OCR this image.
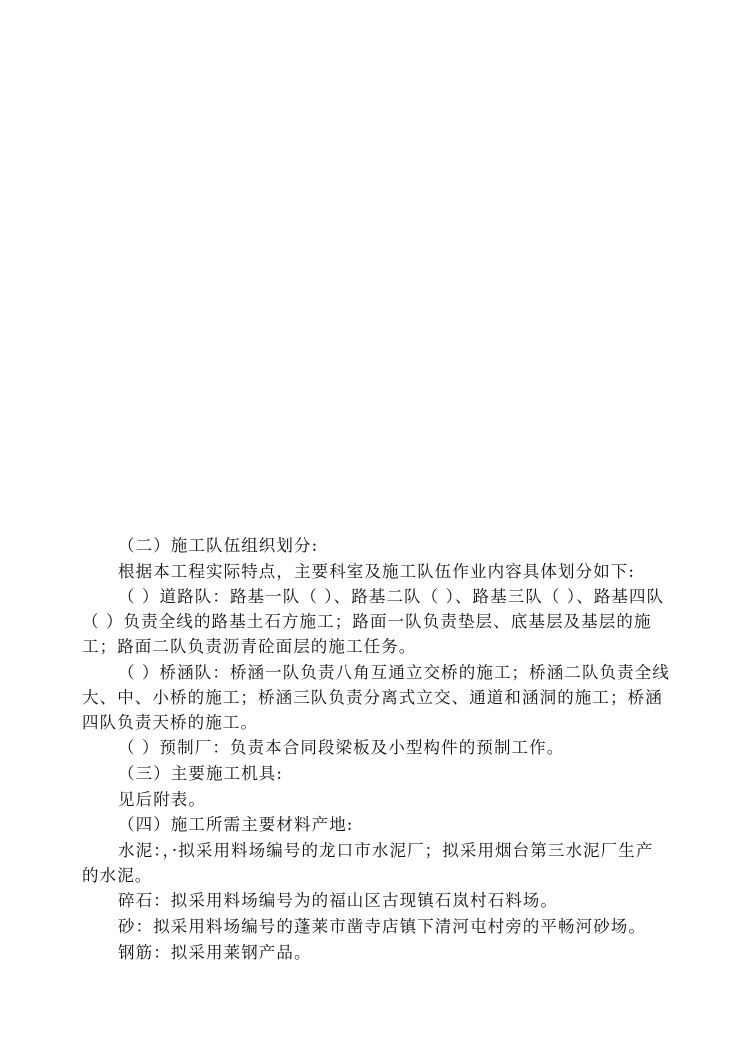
（二）施工队伍组织划分:

根据本工程实际特点，主要科室及施工队伍作业内容具体划分如下:

（ ）道路队：路基一队（ ）、路基二队（ ）、路基三队（ ）、路基四队（ ）负责全线的路基土石方施工；路面一队负责垫层、底基层及基层的施工；路面二队负责沥青砼面层的施工任务。

（ ）桥涵队：桥涵一队负责八角互通立交桥的施工；桥涵二队负责全线大、中、小桥的施工；桥涵三队负责分离式立交、通道和涵洞的施工；桥涵四队负责天桥的施工。

（ ）预制厂：负责本合同段梁板及小型构件的预制工作。

（三）主要施工机具:

见后附表。

（四）施工所需主要材料产地:

水泥：，·拟采用料场编号的龙口市水泥厂；拟采用烟台第三水泥厂生产的水泥。

碎石：拟采用料场编号为的福山区古现镇石岚村石料场。

砂：拟采用料场编号的蓬莱市凿寺店镇下清河屯村旁的平畅河砂场。

钢筋：拟采用莱钢产品。
